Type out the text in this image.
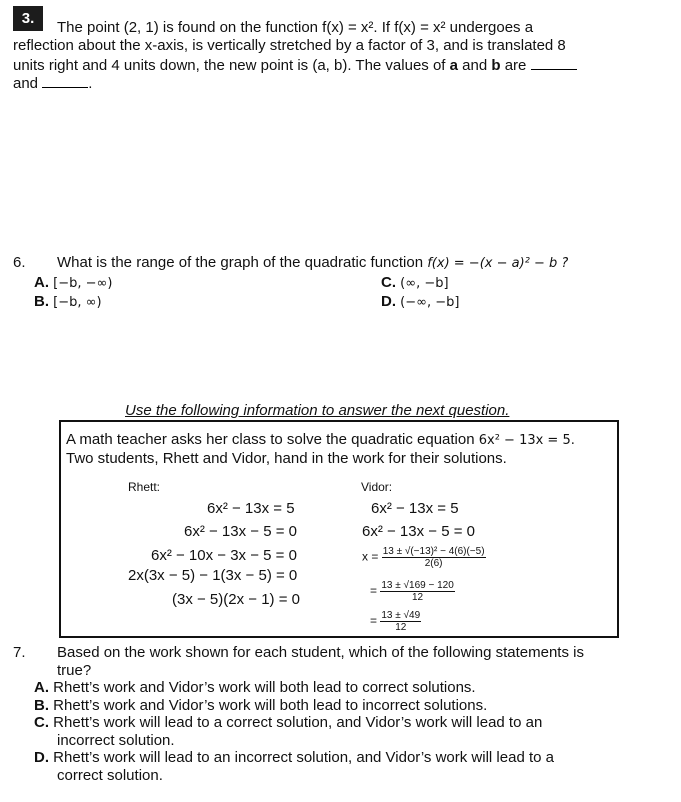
3.
The point (2, 1) is found on the function f(x) = x². If f(x) = x² undergoes a
reflection about the x-axis, is vertically stretched by a factor of 3, and is translated 8
units right and 4 units down, the new point is (a, b). The values of a and b are
and	.
6. What is the range of the graph of the quadratic function f(x) = −(x − a)² − b ?
A. [−b, −∞)
B. [−b, ∞)
C. (∞, −b]
D. (−∞, −b]
Use the following information to answer the next question.
A math teacher asks her class to solve the quadratic equation 6x² − 13x = 5.
Two students, Rhett and Vidor, hand in the work for their solutions.
Rhett:
6x² − 13x = 5
6x² − 13x − 5 = 0
6x² − 10x − 3x − 5 = 0
2x(3x − 5) − 1(3x − 5) = 0
(3x − 5)(2x − 1) = 0
Vidor:
6x² − 13x = 5
6x² − 13x − 5 = 0
$x = \frac{\text{13 ± √(−13)² − 4(6)(−5)}}{2(6)}$
= $\frac{13 \pm √169 - 120}{12}$
= $\frac{13 \pm √49}{12}$
7. Based on the work shown for each student, which of the following statements is
true?
A. Rhett’s work and Vidor’s work will both lead to correct solutions.
B. Rhett’s work and Vidor’s work will both lead to incorrect solutions.
C. Rhett’s work will lead to a correct solution, and Vidor’s work will lead to an
incorrect solution.
D. Rhett’s work will lead to an incorrect solution, and Vidor’s work will lead to a
correct solution.
